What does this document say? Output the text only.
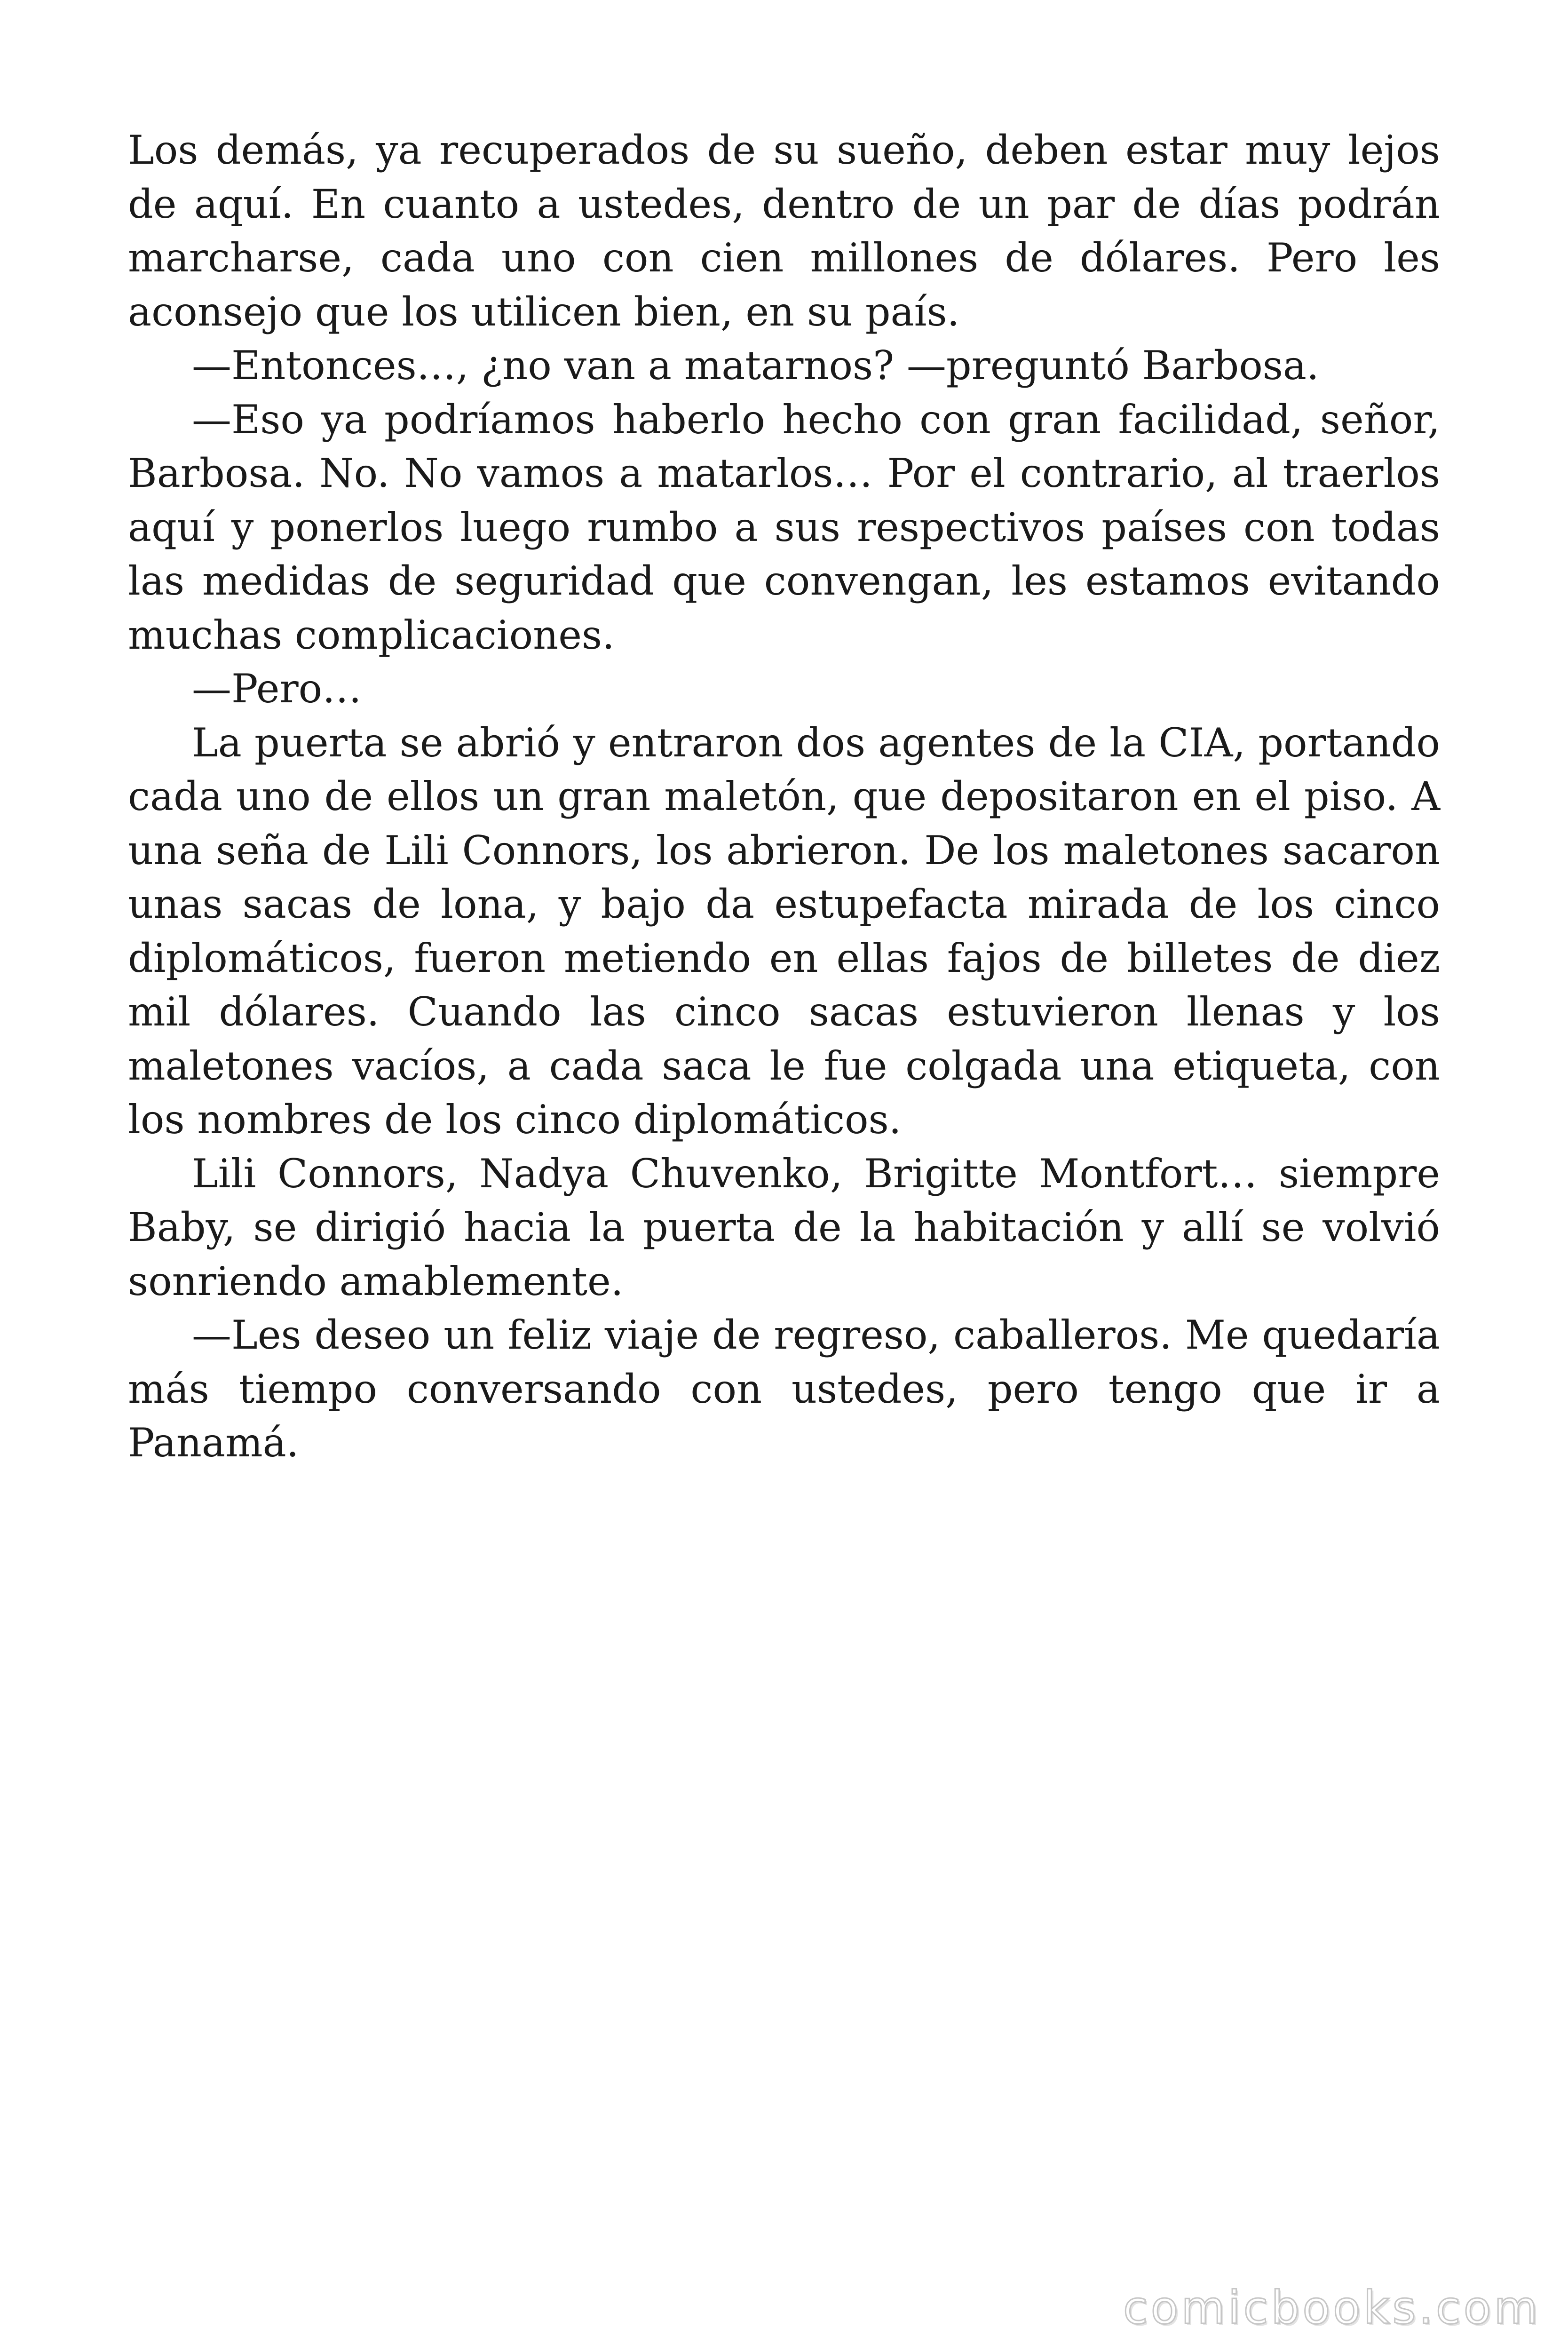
Los demás, ya recuperados de su sueño, deben estar muy lejos de aquí. En cuanto a ustedes, dentro de un par de días podrán marcharse, cada uno con cien millones de dólares. Pero les aconsejo que los utilicen bien, en su país.

—Entonces…, ¿no van a matarnos? —preguntó Barbosa.

—Eso ya podríamos haberlo hecho con gran facilidad, señor, Barbosa. No. No vamos a matarlos… Por el contrario, al traerlos aquí y ponerlos luego rumbo a sus respectivos países con todas las medidas de seguridad que convengan, les estamos evitando muchas complicaciones.

—Pero…

La puerta se abrió y entraron dos agentes de la CIA, portando cada uno de ellos un gran maletón, que depositaron en el piso. A una seña de Lili Connors, los abrieron. De los maletones sacaron unas sacas de lona, y bajo da estupefacta mirada de los cinco diplomáticos, fueron metiendo en ellas fajos de billetes de diez mil dólares. Cuando las cinco sacas estuvieron llenas y los maletones vacíos, a cada saca le fue colgada una etiqueta, con los nombres de los cinco diplomáticos.

Lili Connors, Nadya Chuvenko, Brigitte Montfort… siempre Baby, se dirigió hacia la puerta de la habitación y allí se volvió sonriendo amablemente.

—Les deseo un feliz viaje de regreso, caballeros. Me quedaría más tiempo conversando con ustedes, pero tengo que ir a Panamá.

comicbooks.com
